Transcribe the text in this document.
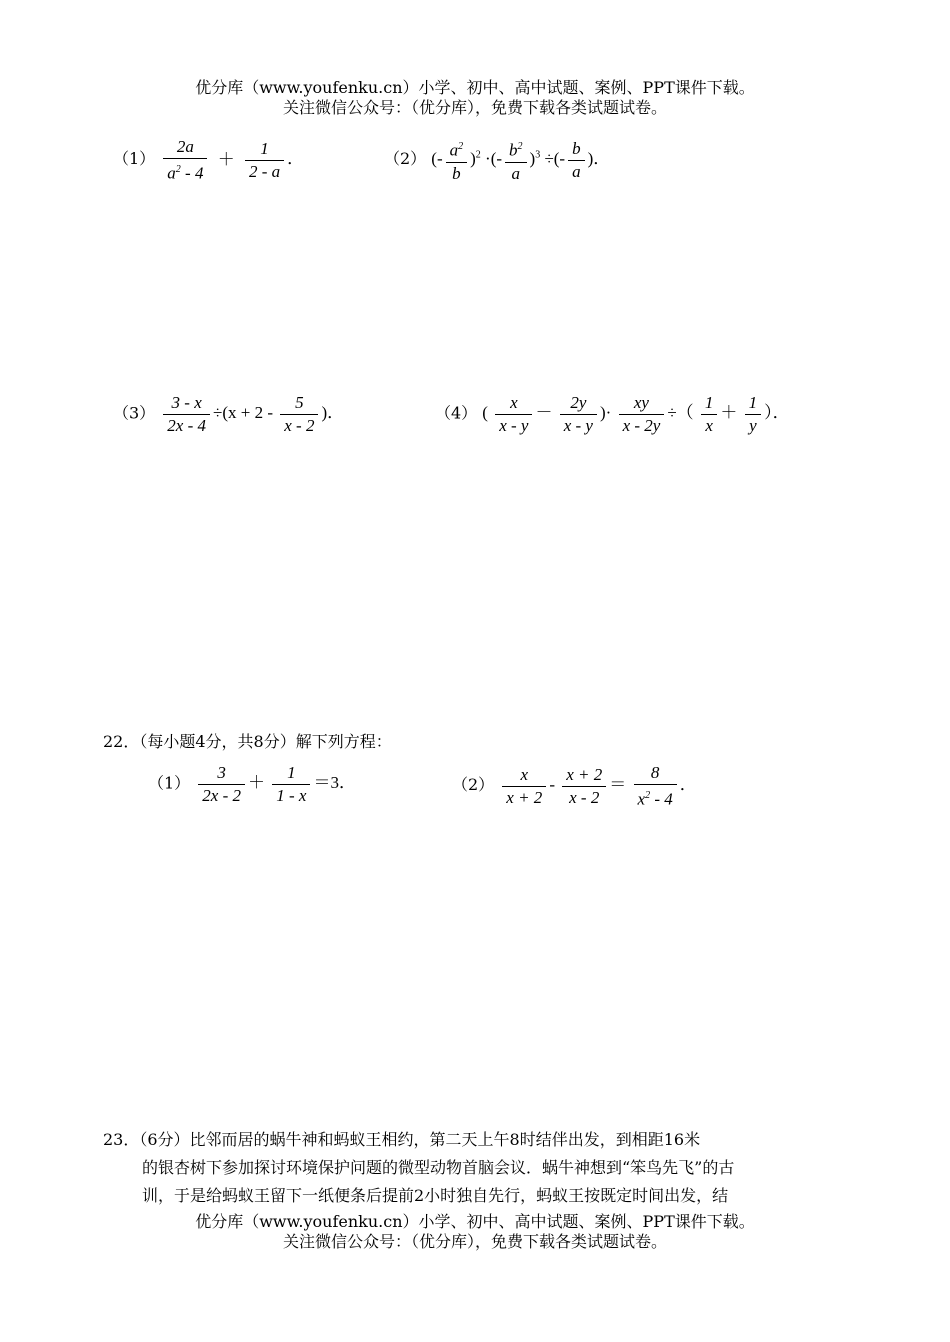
优分库（www.youfenku.cn）小学、初中、高中试题、案例、PPT课件下载。
关注微信公众号：（优分库），免费下载各类试题试卷。
$(1) \frac{2a}{a^2 - 4} + \frac{1}{2 - a}$ ．	（2） (- $\frac{a^2}{b} )^2$ ·(- $\frac{b^2}{a} )^3$ ÷(- $\frac{b}{a}$ )．
$(3) \frac{3 - x}{2x - 4} \div(x + 2 - \frac{5}{x - 2}$ )．	（4） ( $\frac{x}{x - y} - \frac{2y}{x - y}$ )· $\frac{xy}{x - 2y}$ ÷（ $\frac{1}{x} + \frac{1}{y}$ ）．
22．（每小题4分，共8分）解下列方程：
$(1) \frac{3}{2x - 2} + \frac{1}{1 - x} =3$．	$(2) \frac{x}{x + 2} - \frac{x + 2}{x - 2} = \frac{8}{x^2 - 4}$ ．
23．（6分）比邻而居的蜗牛神和蚂蚁王相约，第二天上午8时结伴出发，到相距16米
的银杏树下参加探讨环境保护问题的微型动物首脑会议．蜗牛神想到“笨鸟先飞”的古
训，于是给蚂蚁王留下一纸便条后提前2小时独自先行，蚂蚁王按既定时间出发，结
优分库（www.youfenku.cn）小学、初中、高中试题、案例、PPT课件下载。
关注微信公众号：（优分库），免费下载各类试题试卷。
